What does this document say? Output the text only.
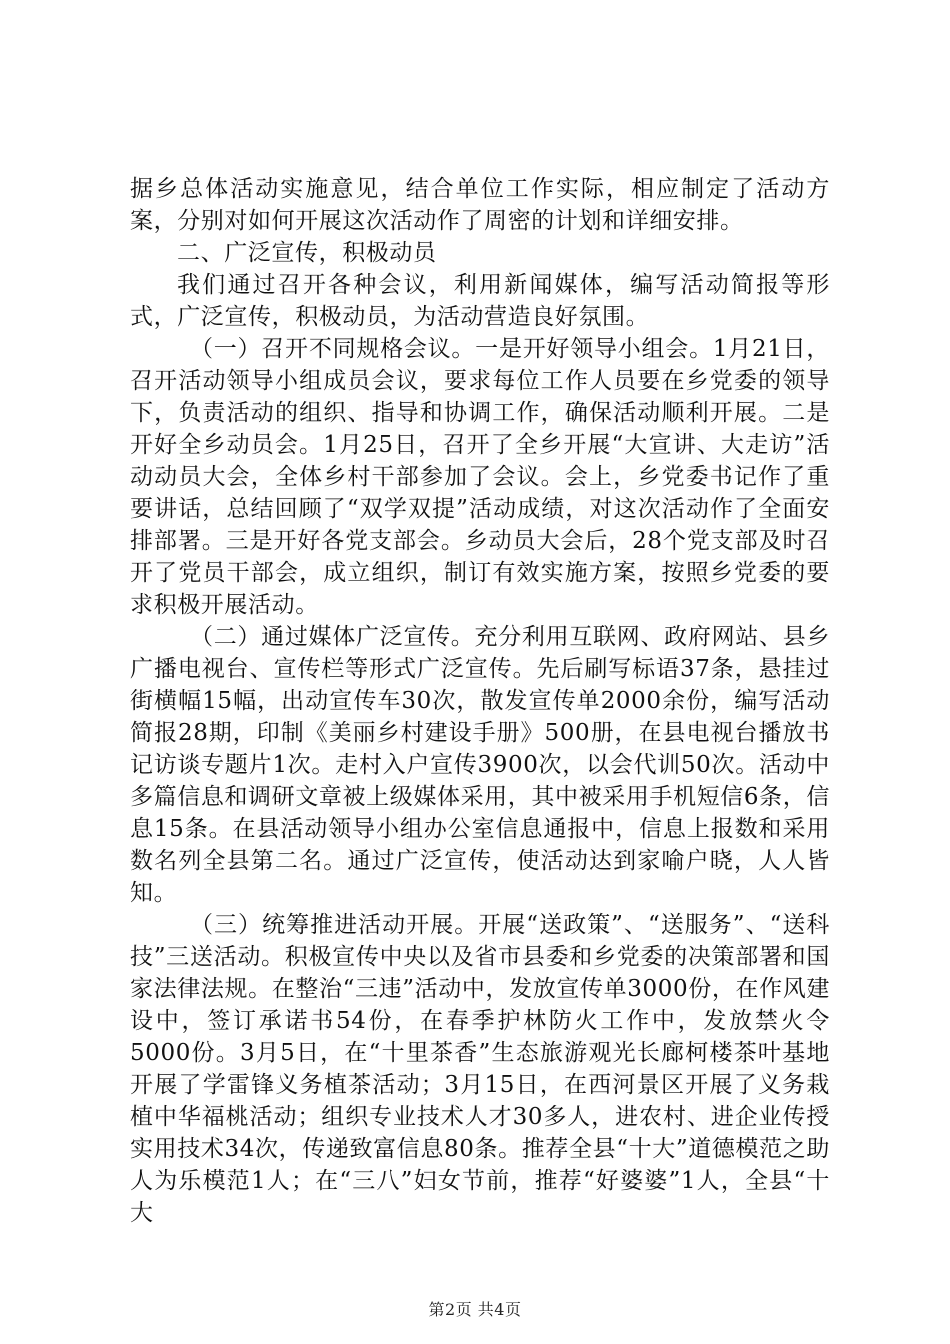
据乡总体活动实施意见，结合单位工作实际，相应制定了活动方案，分别对如何开展这次活动作了周密的计划和详细安排。

二、广泛宣传，积极动员

我们通过召开各种会议，利用新闻媒体，编写活动简报等形式，广泛宣传，积极动员，为活动营造良好氛围。

（一）召开不同规格会议。一是开好领导小组会。1月21日，召开活动领导小组成员会议，要求每位工作人员要在乡党委的领导下，负责活动的组织、指导和协调工作，确保活动顺利开展。二是开好全乡动员会。1月25日，召开了全乡开展“大宣讲、大走访”活动动员大会，全体乡村干部参加了会议。会上，乡党委书记作了重要讲话，总结回顾了“双学双提”活动成绩，对这次活动作了全面安排部署。三是开好各党支部会。乡动员大会后，28个党支部及时召开了党员干部会，成立组织，制订有效实施方案，按照乡党委的要求积极开展活动。

（二）通过媒体广泛宣传。充分利用互联网、政府网站、县乡广播电视台、宣传栏等形式广泛宣传。先后刷写标语37条，悬挂过街横幅15幅，出动宣传车30次，散发宣传单2000余份，编写活动简报28期，印制《美丽乡村建设手册》500册，在县电视台播放书记访谈专题片1次。走村入户宣传3900次，以会代训50次。活动中多篇信息和调研文章被上级媒体采用，其中被采用手机短信6条，信息15条。在县活动领导小组办公室信息通报中，信息上报数和采用数名列全县第二名。通过广泛宣传，使活动达到家喻户晓，人人皆知。

（三）统筹推进活动开展。开展“送政策”、“送服务”、“送科技”三送活动。积极宣传中央以及省市县委和乡党委的决策部署和国家法律法规。在整治“三违”活动中，发放宣传单3000份，在作风建设中，签订承诺书54份，在春季护林防火工作中，发放禁火令5000份。3月5日，在“十里茶香”生态旅游观光长廊柯楼茶叶基地开展了学雷锋义务植茶活动；3月15日，在西河景区开展了义务栽植中华福桃活动；组织专业技术人才30多人，进农村、进企业传授实用技术34次，传递致富信息80条。推荐全县“十大”道德模范之助人为乐模范1人；在“三八”妇女节前，推荐“好婆婆”1人，全县“十大

第2页 共4页
